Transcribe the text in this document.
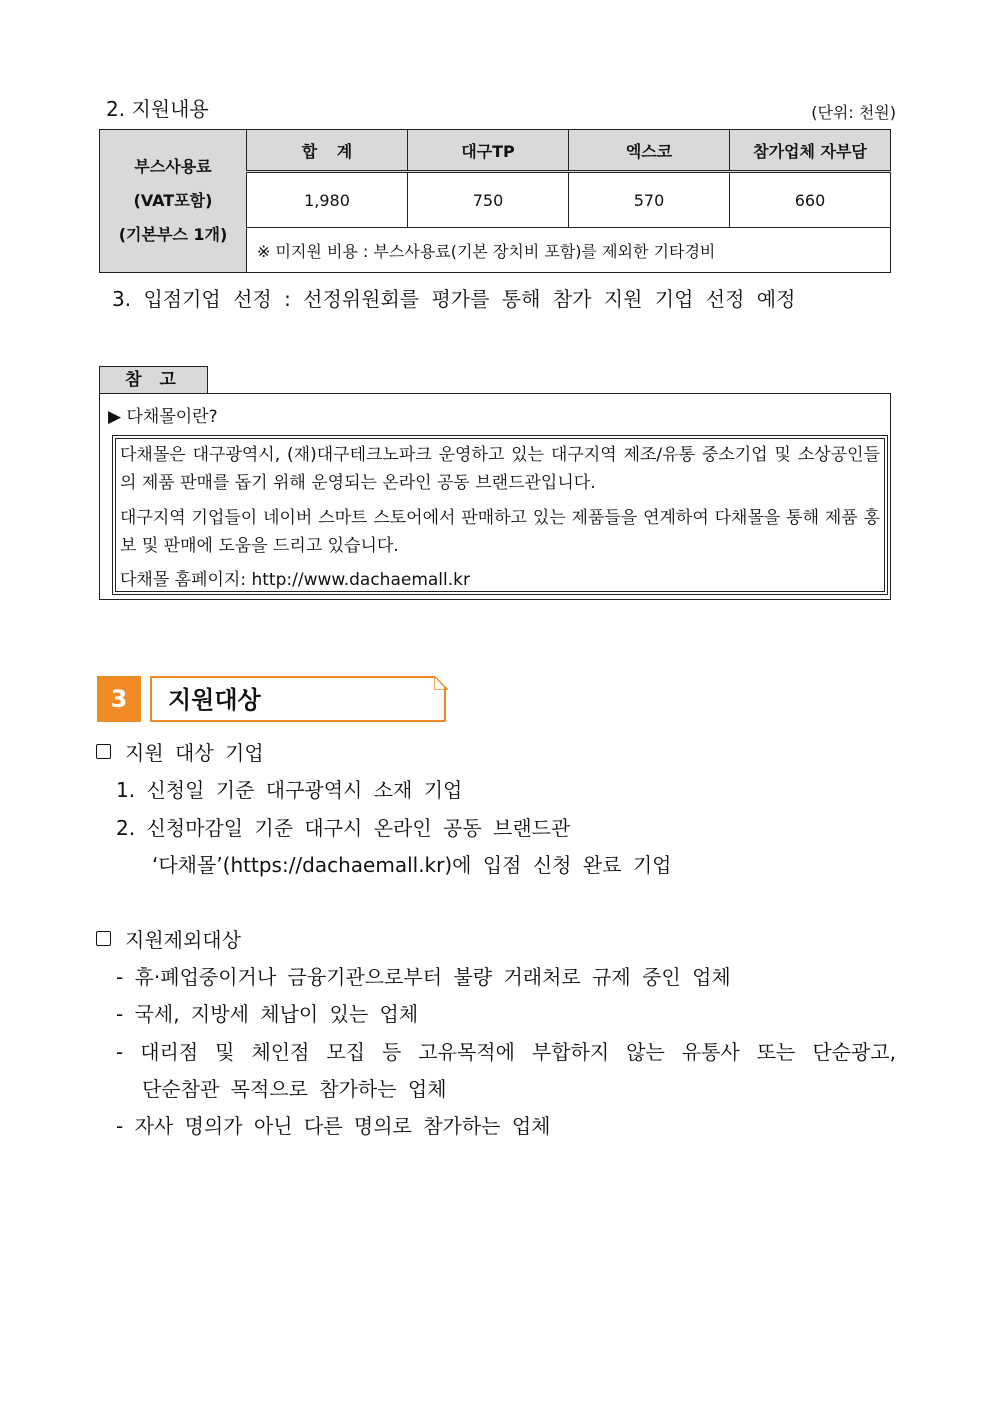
2. 지원내용	(단위: 천원)
부스사용료
(VAT포함)
(기본부스 1개)	합 계	대구TP	엑스코	참가업체 자부담
	1,980	750	570	660
	※ 미지원 비용 : 부스사용료(기본 장치비 포함)를 제외한 기타경비			
3. 입점기업 선정 : 선정위원회를 평가를 통해 참가 지원 기업 선정 예정
참 고
▶ 다채몰이란?
다채몰은 대구광역시, (재)대구테크노파크 운영하고 있는 대구지역 제조/유통 중소기업 및 소상공인들의 제품 판매를 돕기 위해 운영되는 온라인 공동 브랜드관입니다.
대구지역 기업들이 네이버 스마트 스토어에서 판매하고 있는 제품들을 연계하여 다채몰을 통해 제품 홍보 및 판매에 도움을 드리고 있습니다.
다채몰 홈페이지: http://www.dachaemall.kr
3	지원대상
지원 대상 기업
1. 신청일 기준 대구광역시 소재 기업
2. 신청마감일 기준 대구시 온라인 공동 브랜드관
‘다채몰’(https://dachaemall.kr)에 입점 신청 완료 기업
지원제외대상
- 휴·폐업중이거나 금융기관으로부터 불량 거래처로 규제 중인 업체
- 국세, 지방세 체납이 있는 업체
- 대리점 및 체인점 모집 등 고유목적에 부합하지 않는 유통사 또는 단순광고,
단순참관 목적으로 참가하는 업체
- 자사 명의가 아닌 다른 명의로 참가하는 업체
